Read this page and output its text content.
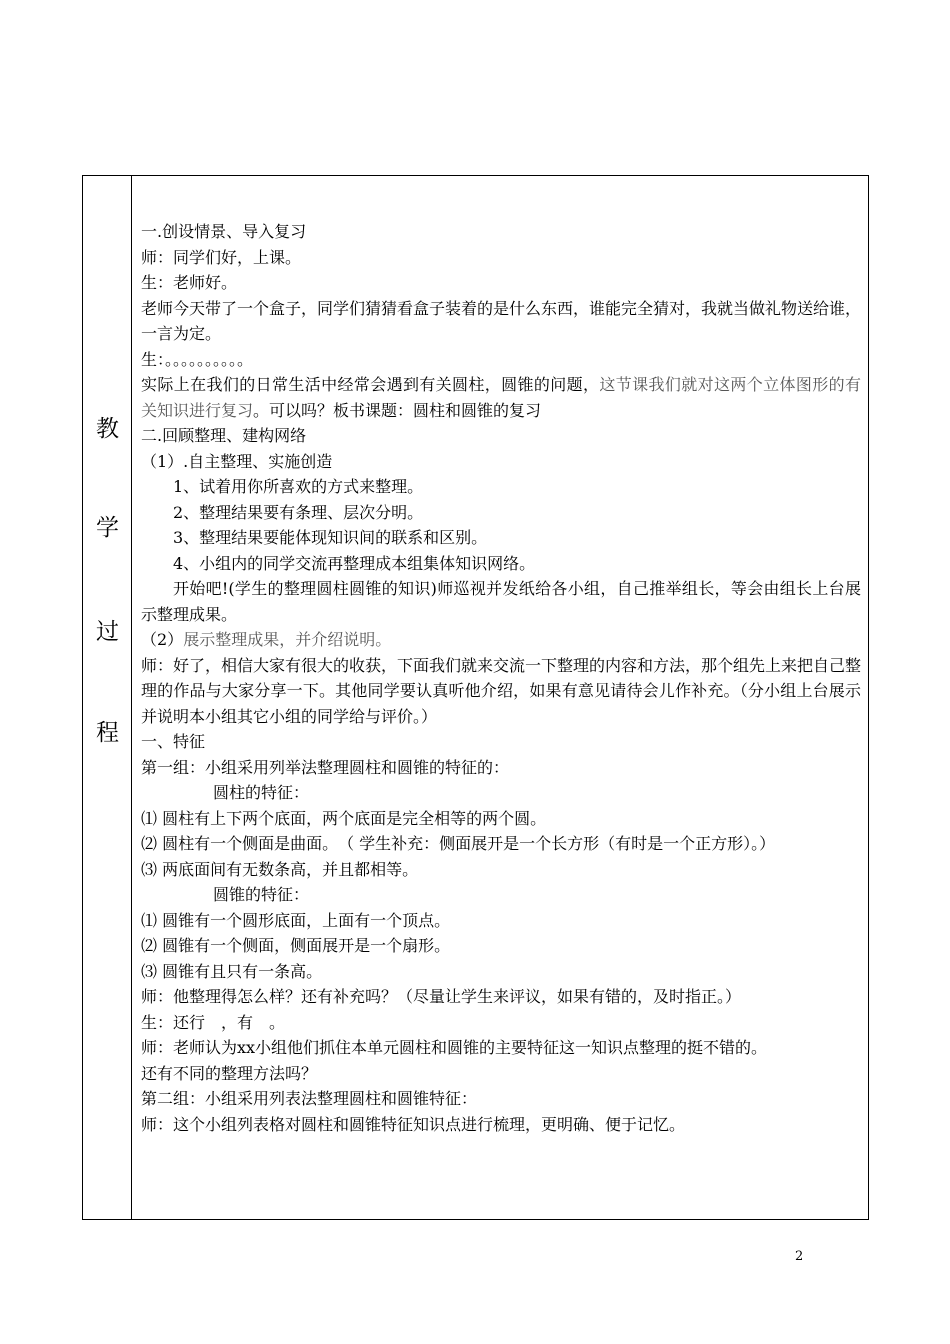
教
学
过
程

一.创设情景、导入复习

师：同学们好，上课。

生：老师好。

老师今天带了一个盒子，同学们猜猜看盒子装着的是什么东西，谁能完全猜对，我就当做礼物送给谁，一言为定。

生：。。。。。。。。。。

实际上在我们的日常生活中经常会遇到有关圆柱，圆锥的问题，这节课我们就对这两个立体图形的有关知识进行复习。可以吗？板书课题：圆柱和圆锥的复习

二.回顾整理、建构网络

（1）.自主整理、实施创造

1、试着用你所喜欢的方式来整理。

2、整理结果要有条理、层次分明。

3、整理结果要能体现知识间的联系和区别。

4、小组内的同学交流再整理成本组集体知识网络。

开始吧!(学生的整理圆柱圆锥的知识)师巡视并发纸给各小组，自己推举组长，等会由组长上台展示整理成果。

（2）展示整理成果，并介绍说明。

师：好了，相信大家有很大的收获，下面我们就来交流一下整理的内容和方法，那个组先上来把自己整理的作品与大家分享一下。其他同学要认真听他介绍，如果有意见请待会儿作补充。（分小组上台展示并说明本小组其它小组的同学给与评价。）

一、特征

第一组：小组采用列举法整理圆柱和圆锥的特征的：

圆柱的特征：

⑴ 圆柱有上下两个底面，两个底面是完全相等的两个圆。

⑵ 圆柱有一个侧面是曲面。　（ 学生补充：侧面展开是一个长方形（有时是一个正方形）。）

⑶ 两底面间有无数条高，并且都相等。

圆锥的特征：

⑴ 圆锥有一个圆形底面，上面有一个顶点。

⑵ 圆锥有一个侧面，侧面展开是一个扇形。

⑶ 圆锥有且只有一条高。

师：他整理得怎么样？还有补充吗？（尽量让学生来评议，如果有错的，及时指正。）

生：还行　，有　。

师：老师认为xx小组他们抓住本单元圆柱和圆锥的主要特征这一知识点整理的挺不错的。

还有不同的整理方法吗？

第二组：小组采用列表法整理圆柱和圆锥特征：

师：这个小组列表格对圆柱和圆锥特征知识点进行梳理，更明确、便于记忆。

2
